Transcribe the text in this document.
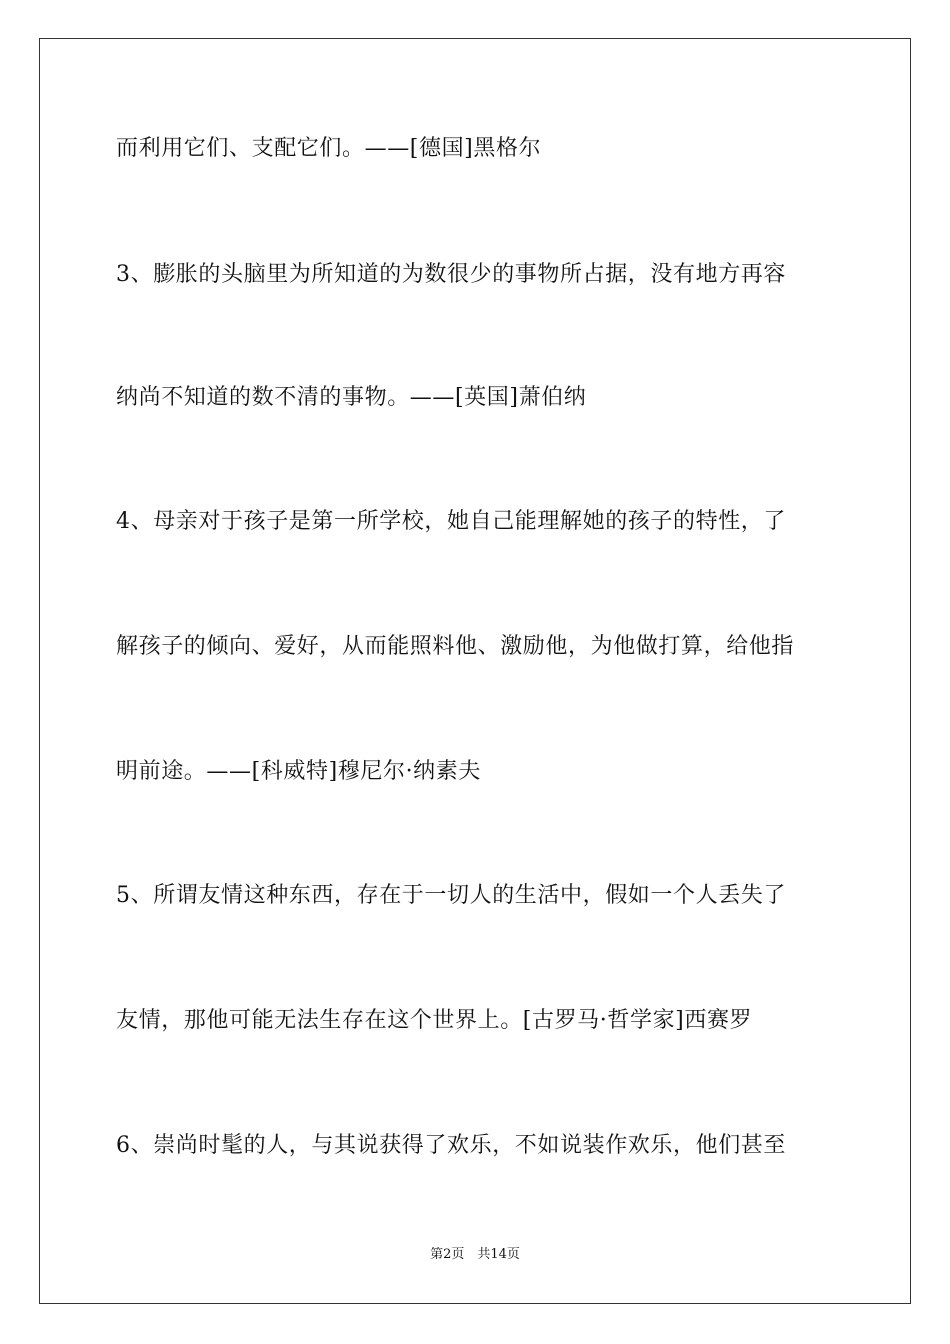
而利用它们、支配它们。——[德国]黑格尔
3、膨胀的头脑里为所知道的为数很少的事物所占据，没有地方再容
纳尚不知道的数不清的事物。——[英国]萧伯纳
4、母亲对于孩子是第一所学校，她自己能理解她的孩子的特性，了
解孩子的倾向、爱好，从而能照料他、激励他，为他做打算，给他指
明前途。——[科威特]穆尼尔·纳素夫
5、所谓友情这种东西，存在于一切人的生活中，假如一个人丢失了
友情，那他可能无法生存在这个世界上。[古罗马·哲学家]西赛罗
6、崇尚时髦的人，与其说获得了欢乐，不如说装作欢乐，他们甚至
第2页　共14页
